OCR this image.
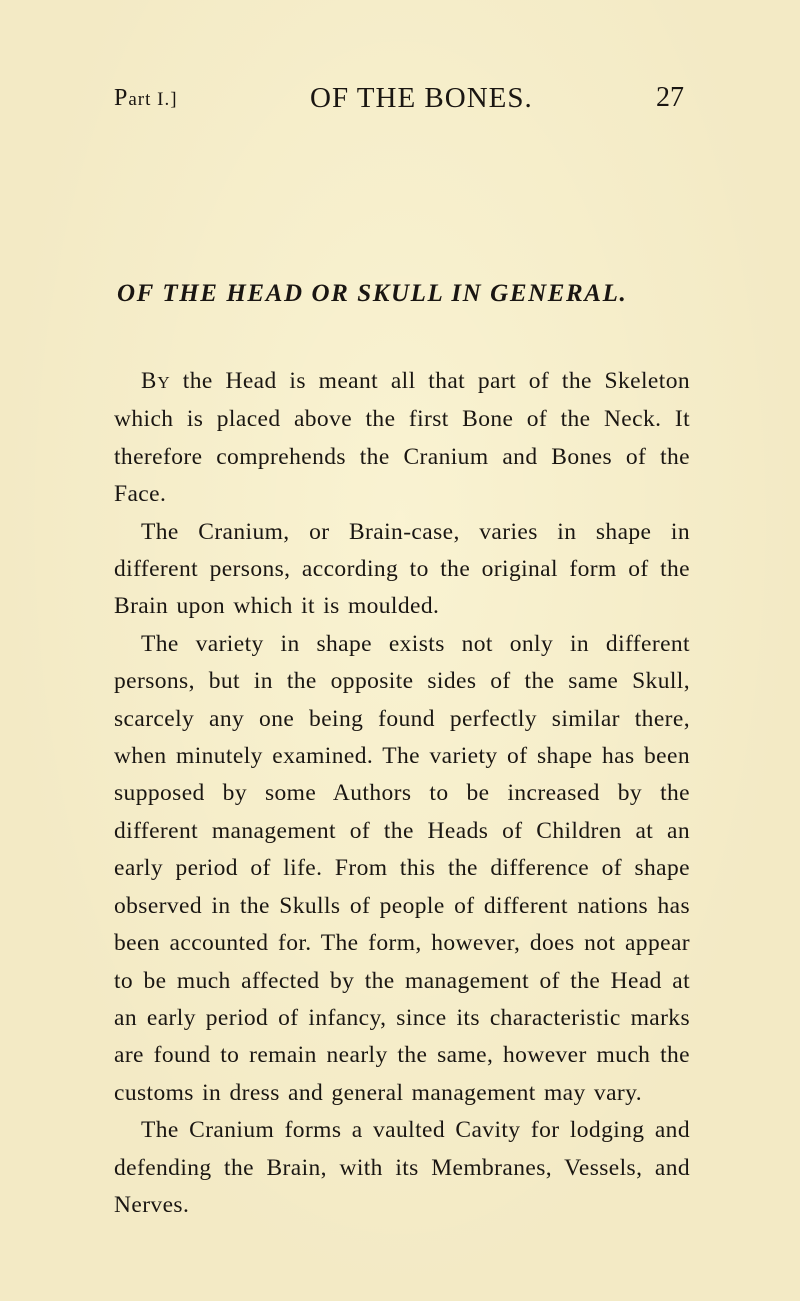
Part I.]	OF THE BONES.	27
OF THE HEAD OR SKULL IN GENERAL.

BY the Head is meant all that part of the Skeleton which is placed above the first Bone of the Neck. It therefore comprehends the Cranium and Bones of the Face.

The Cranium, or Brain-case, varies in shape in different persons, according to the original form of the Brain upon which it is moulded.

The variety in shape exists not only in different persons, but in the opposite sides of the same Skull, scarcely any one being found perfectly similar there, when minutely examined. The variety of shape has been supposed by some Authors to be increased by the different management of the Heads of Children at an early period of life. From this the difference of shape observed in the Skulls of people of different nations has been accounted for. The form, however, does not appear to be much affected by the management of the Head at an early period of infancy, since its characteristic marks are found to remain nearly the same, however much the customs in dress and general management may vary.

The Cranium forms a vaulted Cavity for lodging and defending the Brain, with its Membranes, Vessels, and Nerves.
